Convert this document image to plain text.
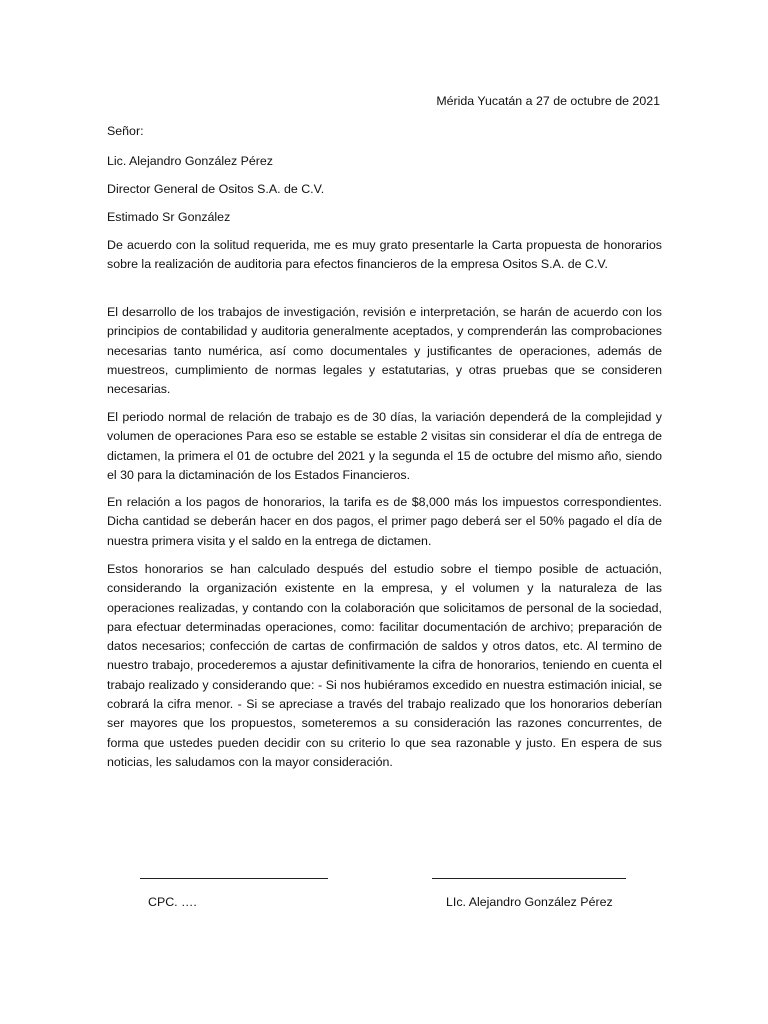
Mérida Yucatán a 27 de octubre de 2021
Señor:
Lic. Alejandro González Pérez
Director General de Ositos S.A. de C.V.
Estimado Sr González

De acuerdo con la solitud requerida, me es muy grato presentarle la Carta propuesta de honorarios sobre la realización de auditoria para efectos financieros de la empresa Ositos S.A. de C.V.

El desarrollo de los trabajos de investigación, revisión e interpretación, se harán de acuerdo con los principios de contabilidad y auditoria generalmente aceptados, y comprenderán las comprobaciones necesarias tanto numérica, así como documentales y justificantes de operaciones, además de muestreos, cumplimiento de normas legales y estatutarias, y otras pruebas que se consideren necesarias.

El periodo normal de relación de trabajo es de 30 días, la variación dependerá de la complejidad y volumen de operaciones Para eso se estable se estable 2 visitas sin considerar el día de entrega de dictamen, la primera el 01 de octubre del 2021 y la segunda el 15 de octubre del mismo año, siendo el 30 para la dictaminación de los Estados Financieros.

En relación a los pagos de honorarios, la tarifa es de $8,000 más los impuestos correspondientes. Dicha cantidad se deberán hacer en dos pagos, el primer pago deberá ser el 50% pagado el día de nuestra primera visita y el saldo en la entrega de dictamen.

Estos honorarios se han calculado después del estudio sobre el tiempo posible de actuación, considerando la organización existente en la empresa, y el volumen y la naturaleza de las operaciones realizadas, y contando con la colaboración que solicitamos de personal de la sociedad, para efectuar determinadas operaciones, como: facilitar documentación de archivo; preparación de datos necesarios; confección de cartas de confirmación de saldos y otros datos, etc. Al termino de nuestro trabajo, procederemos a ajustar definitivamente la cifra de honorarios, teniendo en cuenta el trabajo realizado y considerando que: - Si nos hubiéramos excedido en nuestra estimación inicial, se cobrará la cifra menor. - Si se apreciase a través del trabajo realizado que los honorarios deberían ser mayores que los propuestos, someteremos a su consideración las razones concurrentes, de forma que ustedes pueden decidir con su criterio lo que sea razonable y justo. En espera de sus noticias, les saludamos con la mayor consideración.

CPC. ….	LIc. Alejandro González Pérez
